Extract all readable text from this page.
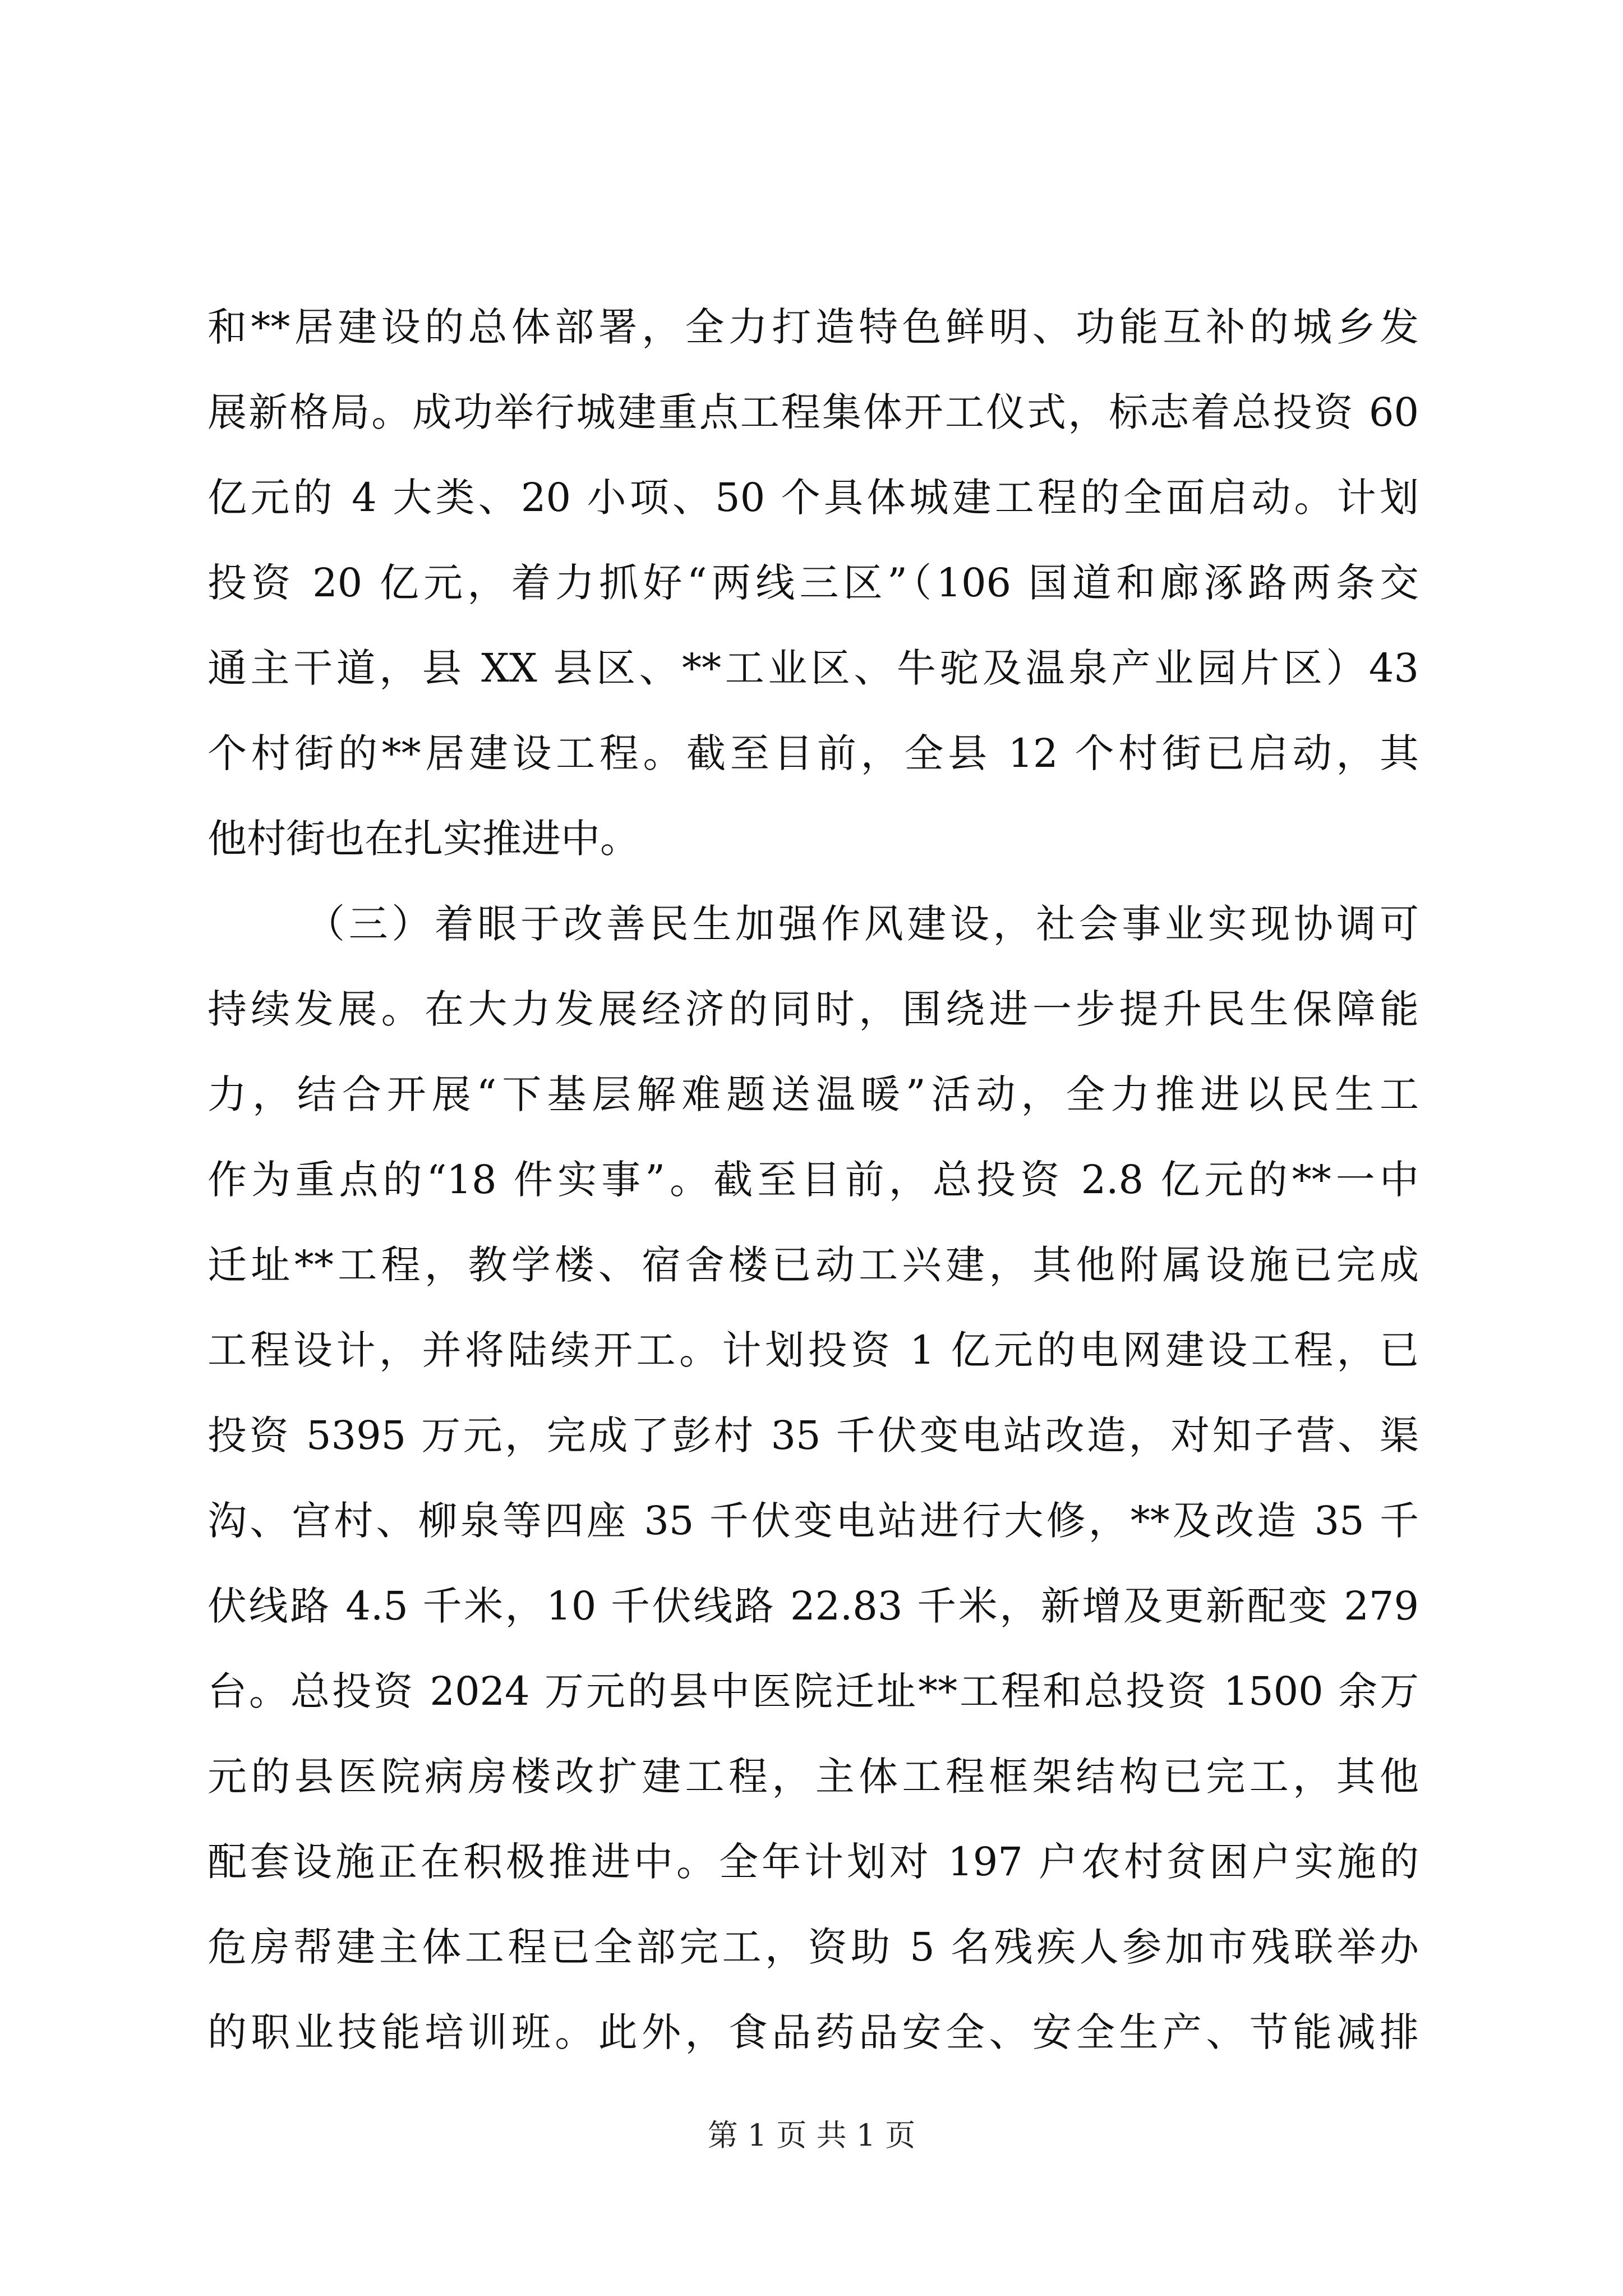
和**居建设的总体部署，全力打造特色鲜明、功能互补的城乡发
展新格局。成功举行城建重点工程集体开工仪式，标志着总投资 60
亿元的 4 大类、20 小项、50 个具体城建工程的全面启动。计划
投资 20 亿元，着力抓好“两线三区”（106 国道和廊涿路两条交
通主干道，县 XX 县区、**工业区、牛驼及温泉产业园片区）43
个村街的**居建设工程。截至目前，全县 12 个村街已启动，其
他村街也在扎实推进中。
（三）着眼于改善民生加强作风建设，社会事业实现协调可
持续发展。在大力发展经济的同时，围绕进一步提升民生保障能
力，结合开展“下基层解难题送温暖”活动，全力推进以民生工
作为重点的“18 件实事”。截至目前，总投资 2.8 亿元的**一中
迁址**工程，教学楼、宿舍楼已动工兴建，其他附属设施已完成
工程设计，并将陆续开工。计划投资 1 亿元的电网建设工程，已
投资 5395 万元，完成了彭村 35 千伏变电站改造，对知子营、渠
沟、宫村、柳泉等四座 35 千伏变电站进行大修，**及改造 35 千
伏线路 4.5 千米，10 千伏线路 22.83 千米，新增及更新配变 279
台。总投资 2024 万元的县中医院迁址**工程和总投资 1500 余万
元的县医院病房楼改扩建工程，主体工程框架结构已完工，其他
配套设施正在积极推进中。全年计划对 197 户农村贫困户实施的
危房帮建主体工程已全部完工，资助 5 名残疾人参加市残联举办
的职业技能培训班。此外，食品药品安全、安全生产、节能减排
第 1 页 共 1 页
